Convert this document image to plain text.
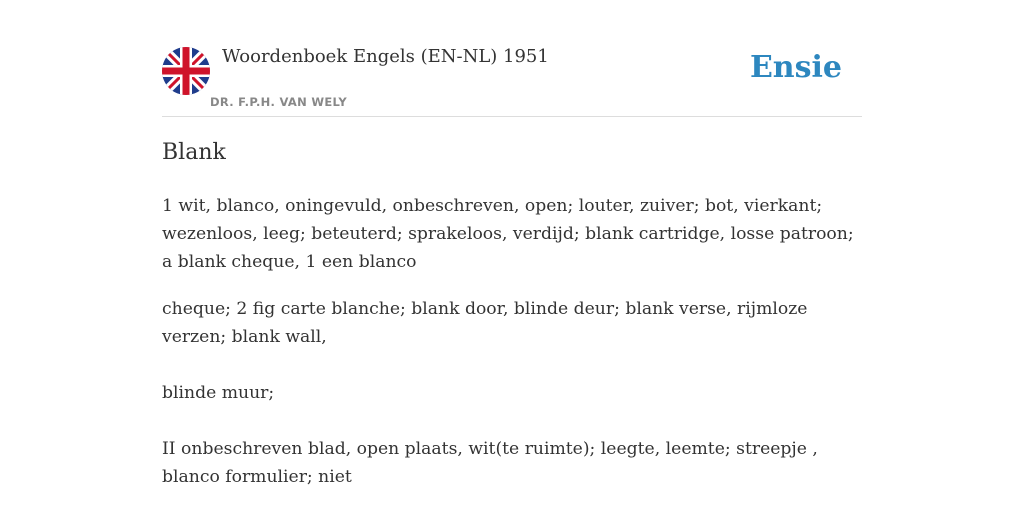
Woordenboek Engels (EN-NL) 1951
DR. F.P.H. VAN WELY
Ensie
Blank

1 wit, blanco, oningevuld, onbeschreven, open; louter, zuiver; bot, vierkant; wezenloos, leeg; beteuterd; sprakeloos, verdijd; blank cartridge, losse patroon; a blank cheque, 1 een blanco

cheque; 2 fig carte blanche; blank door, blinde deur; blank verse, rijmloze verzen; blank wall,

blinde muur;

II onbeschreven blad, open plaats, wit(te ruimte); leegte, leemte; streepje , blanco formulier; niet
